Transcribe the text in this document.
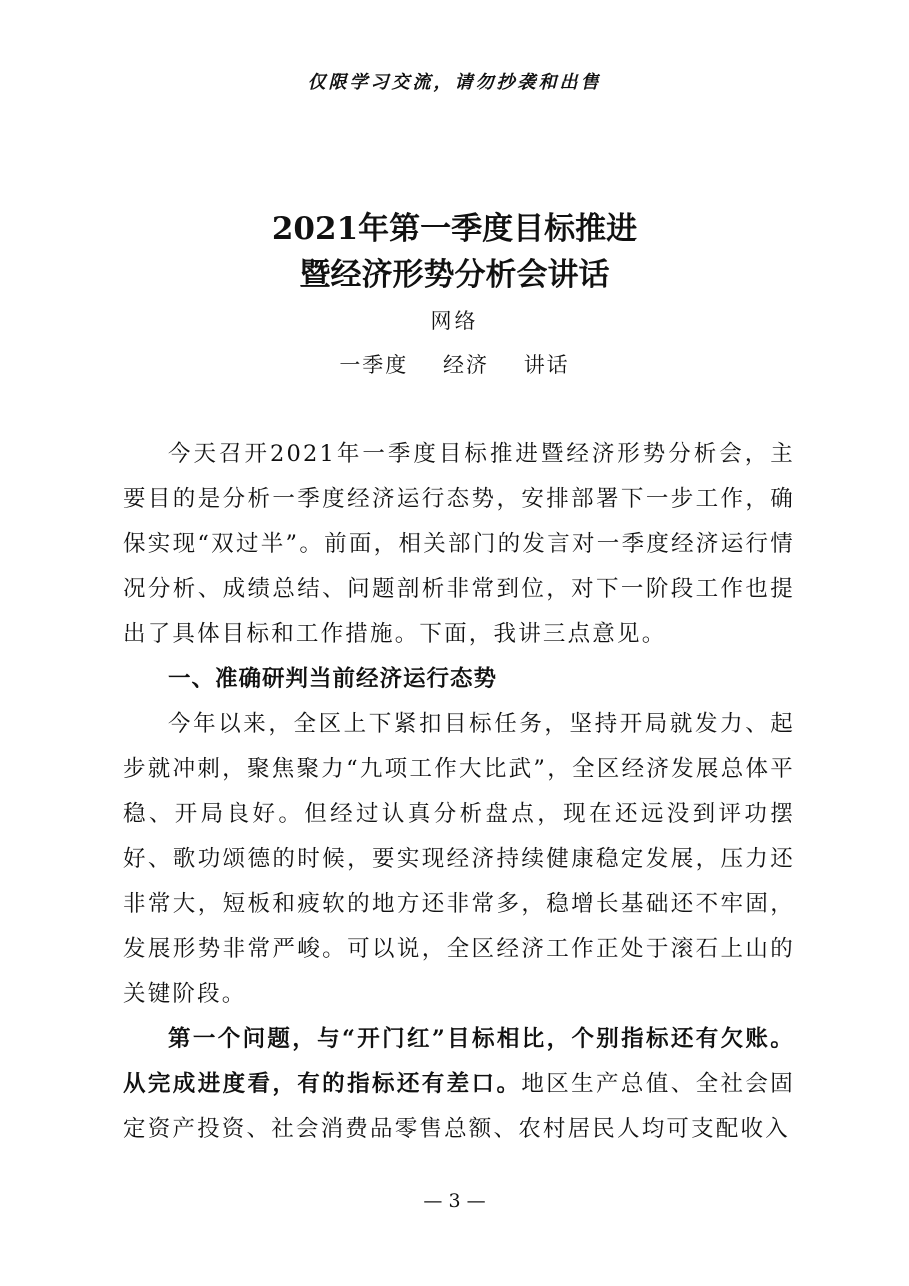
仅限学习交流，请勿抄袭和出售
2021年第一季度目标推进
暨经济形势分析会讲话
网络
一季度 经济 讲话

今天召开2021年一季度目标推进暨经济形势分析会，主要目的是分析一季度经济运行态势，安排部署下一步工作，确保实现“双过半”。前面，相关部门的发言对一季度经济运行情况分析、成绩总结、问题剖析非常到位，对下一阶段工作也提出了具体目标和工作措施。下面，我讲三点意见。

一、准确研判当前经济运行态势

今年以来，全区上下紧扣目标任务，坚持开局就发力、起步就冲刺，聚焦聚力“九项工作大比武”，全区经济发展总体平稳、开局良好。但经过认真分析盘点，现在还远没到评功摆好、歌功颂德的时候，要实现经济持续健康稳定发展，压力还非常大，短板和疲软的地方还非常多，稳增长基础还不牢固，发展形势非常严峻。可以说，全区经济工作正处于滚石上山的关键阶段。

第一个问题，与“开门红”目标相比，个别指标还有欠账。从完成进度看，有的指标还有差口。地区生产总值、全社会固定资产投资、社会消费品零售总额、农村居民人均可支配收入

— 3 —
